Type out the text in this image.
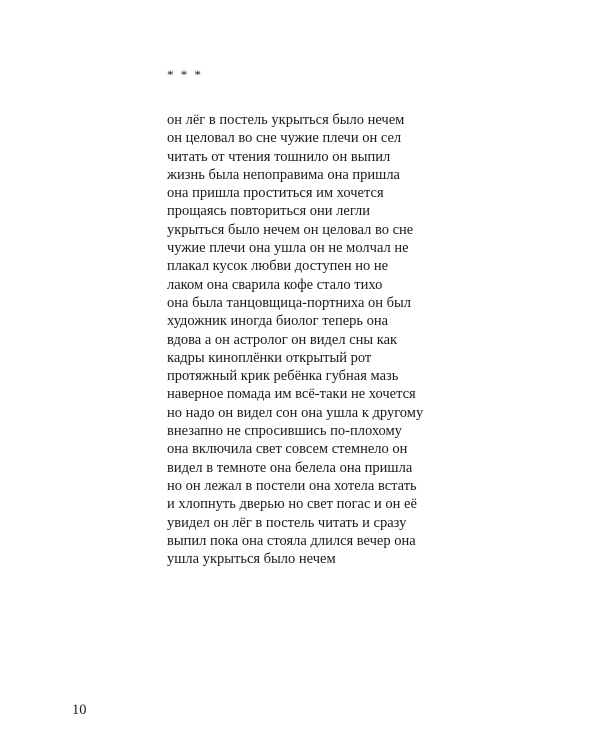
* * *

он лёг в постель укрыться было нечем
он целовал во сне чужие плечи он сел
читать от чтения тошнило он выпил
жизнь была непоправима она пришла
она пришла проститься им хочется
прощаясь повториться они легли
укрыться было нечем он целовал во сне
чужие плечи она ушла он не молчал не
плакал кусок любви доступен но не
лаком она сварила кофе стало тихо
она была танцовщица-портниха он был
художник иногда биолог теперь она
вдова а он астролог он видел сны как
кадры киноплёнки открытый рот
протяжный крик ребёнка губная мазь
наверное помада им всё-таки не хочется
но надо он видел сон она ушла к другому
внезапно не спросившись по-плохому
она включила свет совсем стемнело он
видел в темноте она белела она пришла
но он лежал в постели она хотела встать
и хлопнуть дверью но свет погас и он её
увидел он лёг в постель читать и сразу
выпил пока она стояла длился вечер она
ушла укрыться было нечем

10
